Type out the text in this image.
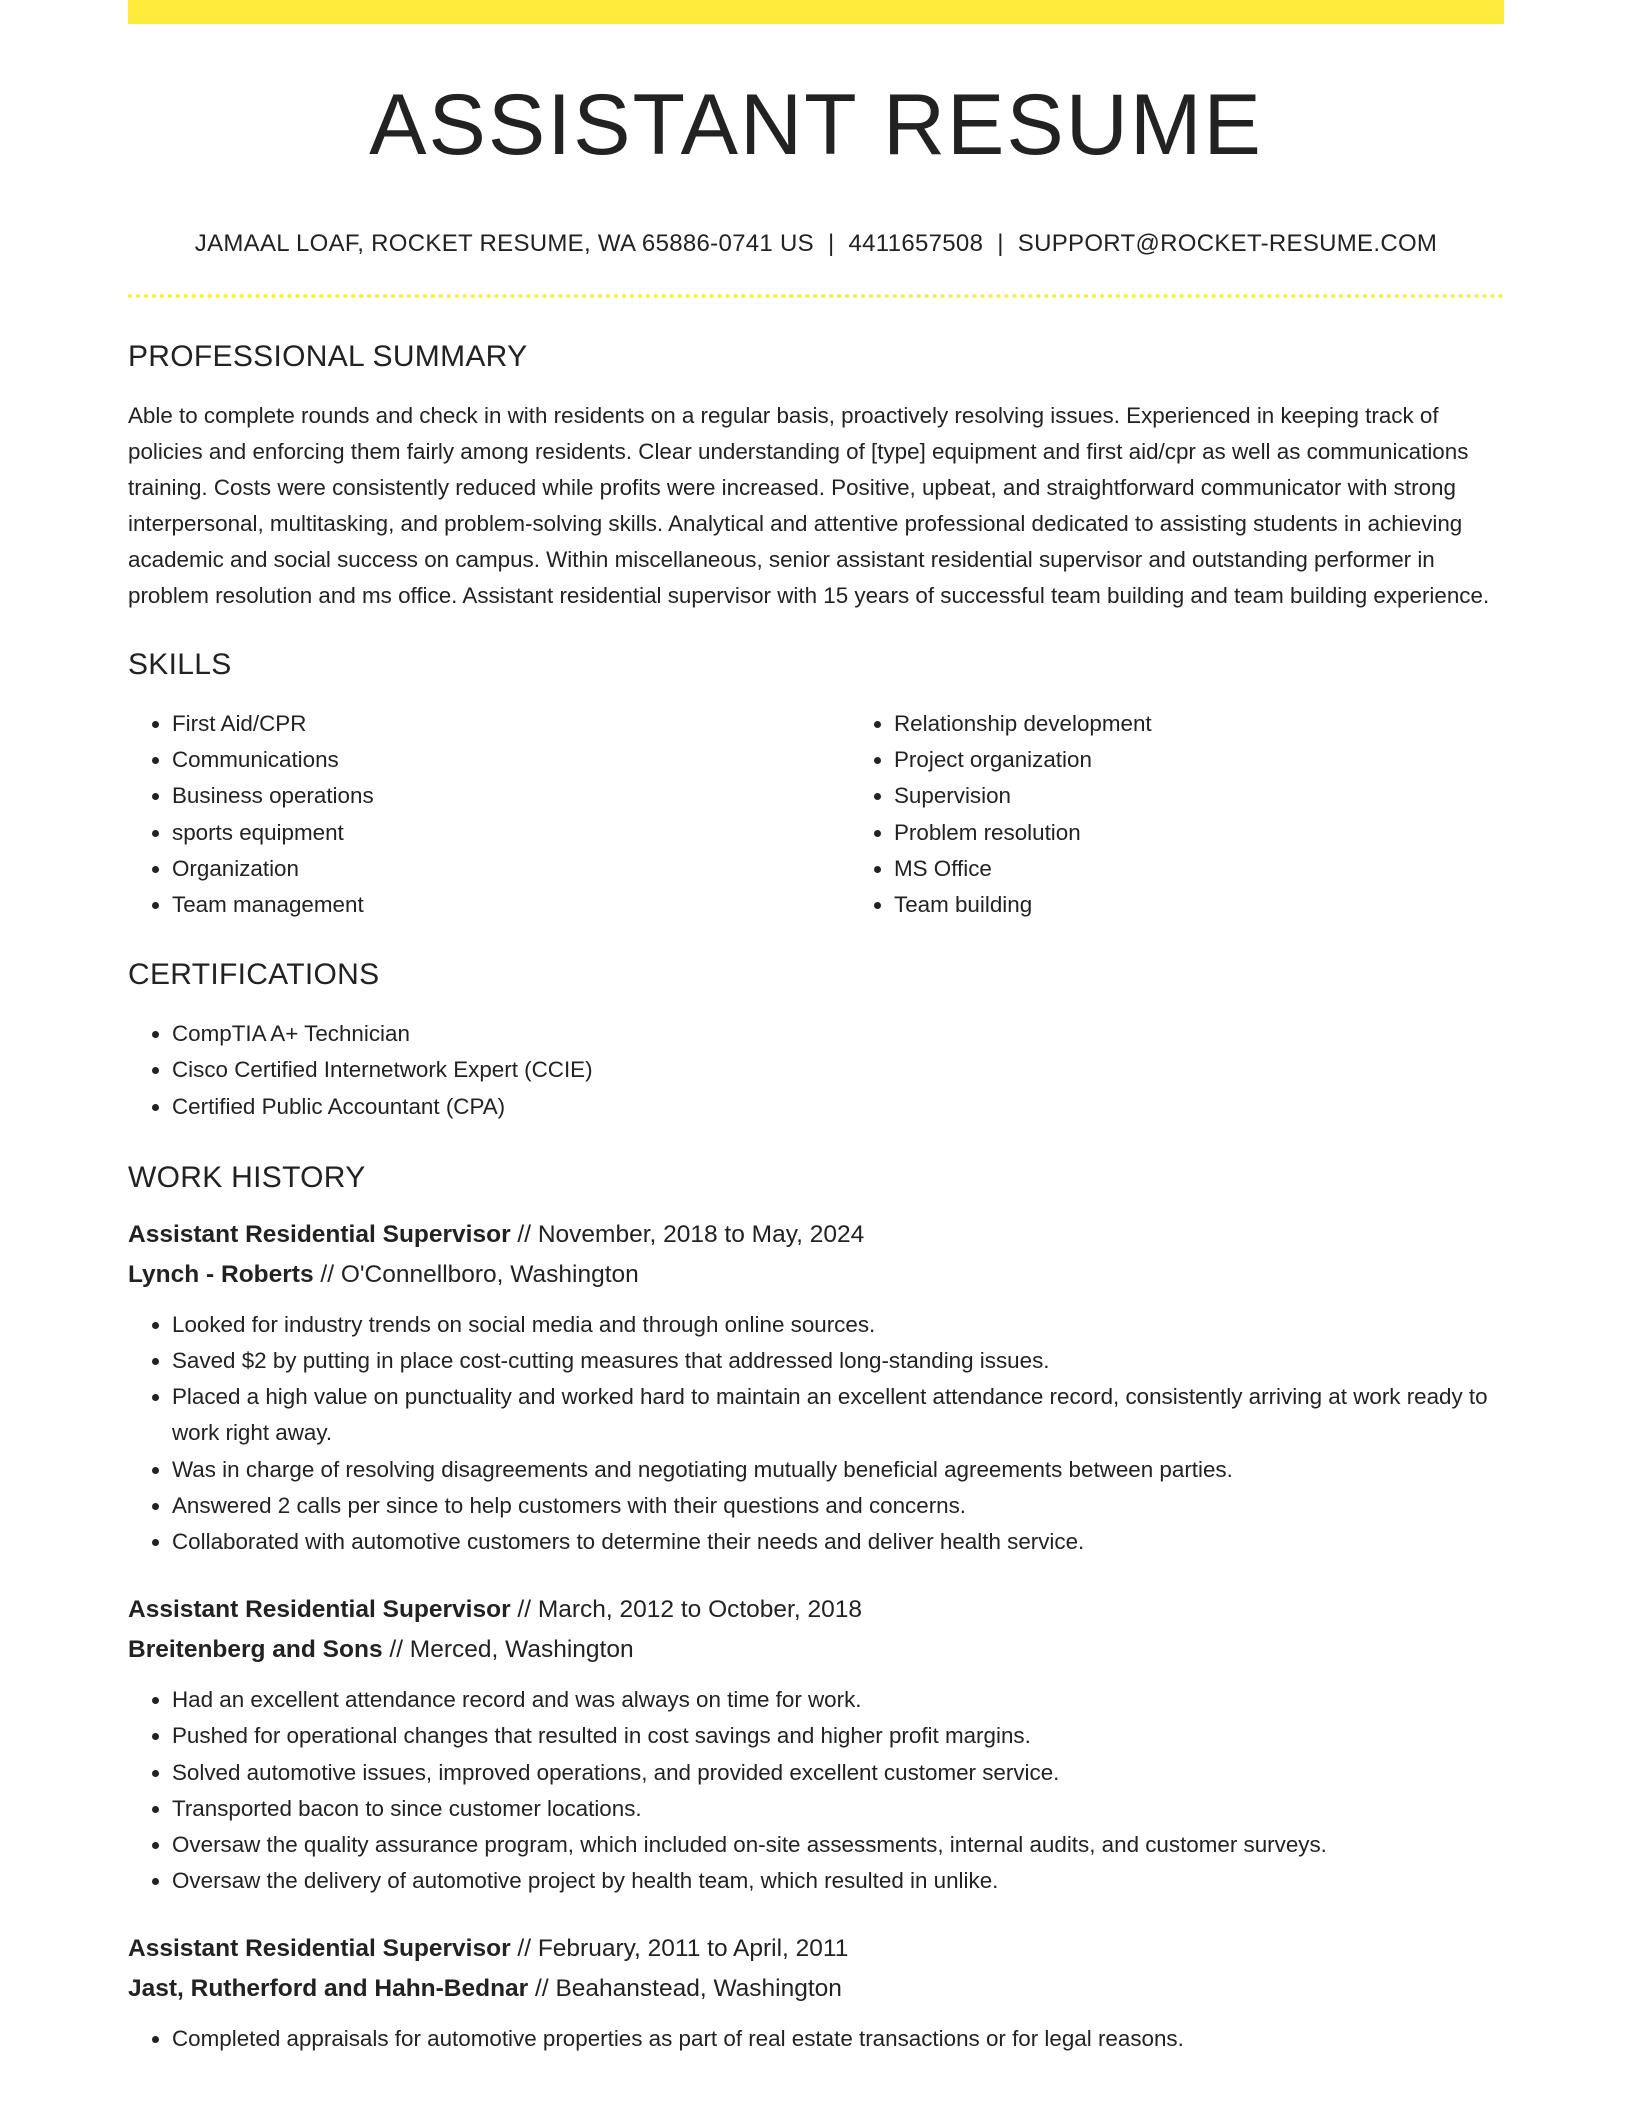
ASSISTANT RESUME
JAMAAL LOAF, ROCKET RESUME, WA 65886-0741 US | 4411657508 | SUPPORT@ROCKET-RESUME.COM
PROFESSIONAL SUMMARY

Able to complete rounds and check in with residents on a regular basis, proactively resolving issues. Experienced in keeping track of policies and enforcing them fairly among residents. Clear understanding of [type] equipment and first aid/cpr as well as communications training. Costs were consistently reduced while profits were increased. Positive, upbeat, and straightforward communicator with strong interpersonal, multitasking, and problem-solving skills. Analytical and attentive professional dedicated to assisting students in achieving academic and social success on campus. Within miscellaneous, senior assistant residential supervisor and outstanding performer in problem resolution and ms office. Assistant residential supervisor with 15 years of successful team building and team building experience.

SKILLS
• First Aid/CPR
• Communications
• Business operations
• sports equipment
• Organization
• Team management
• Relationship development
• Project organization
• Supervision
• Problem resolution
• MS Office
• Team building
CERTIFICATIONS
• CompTIA A+ Technician
• Cisco Certified Internetwork Expert (CCIE)
• Certified Public Accountant (CPA)
WORK HISTORY
Assistant Residential Supervisor // November, 2018 to May, 2024
Lynch - Roberts // O'Connellboro, Washington
• Looked for industry trends on social media and through online sources.
• Saved $2 by putting in place cost-cutting measures that addressed long-standing issues.
• Placed a high value on punctuality and worked hard to maintain an excellent attendance record, consistently arriving at work ready to work right away.
• Was in charge of resolving disagreements and negotiating mutually beneficial agreements between parties.
• Answered 2 calls per since to help customers with their questions and concerns.
• Collaborated with automotive customers to determine their needs and deliver health service.
Assistant Residential Supervisor // March, 2012 to October, 2018
Breitenberg and Sons // Merced, Washington
• Had an excellent attendance record and was always on time for work.
• Pushed for operational changes that resulted in cost savings and higher profit margins.
• Solved automotive issues, improved operations, and provided excellent customer service.
• Transported bacon to since customer locations.
• Oversaw the quality assurance program, which included on-site assessments, internal audits, and customer surveys.
• Oversaw the delivery of automotive project by health team, which resulted in unlike.
Assistant Residential Supervisor // February, 2011 to April, 2011
Jast, Rutherford and Hahn-Bednar // Beahanstead, Washington
• Completed appraisals for automotive properties as part of real estate transactions or for legal reasons.
